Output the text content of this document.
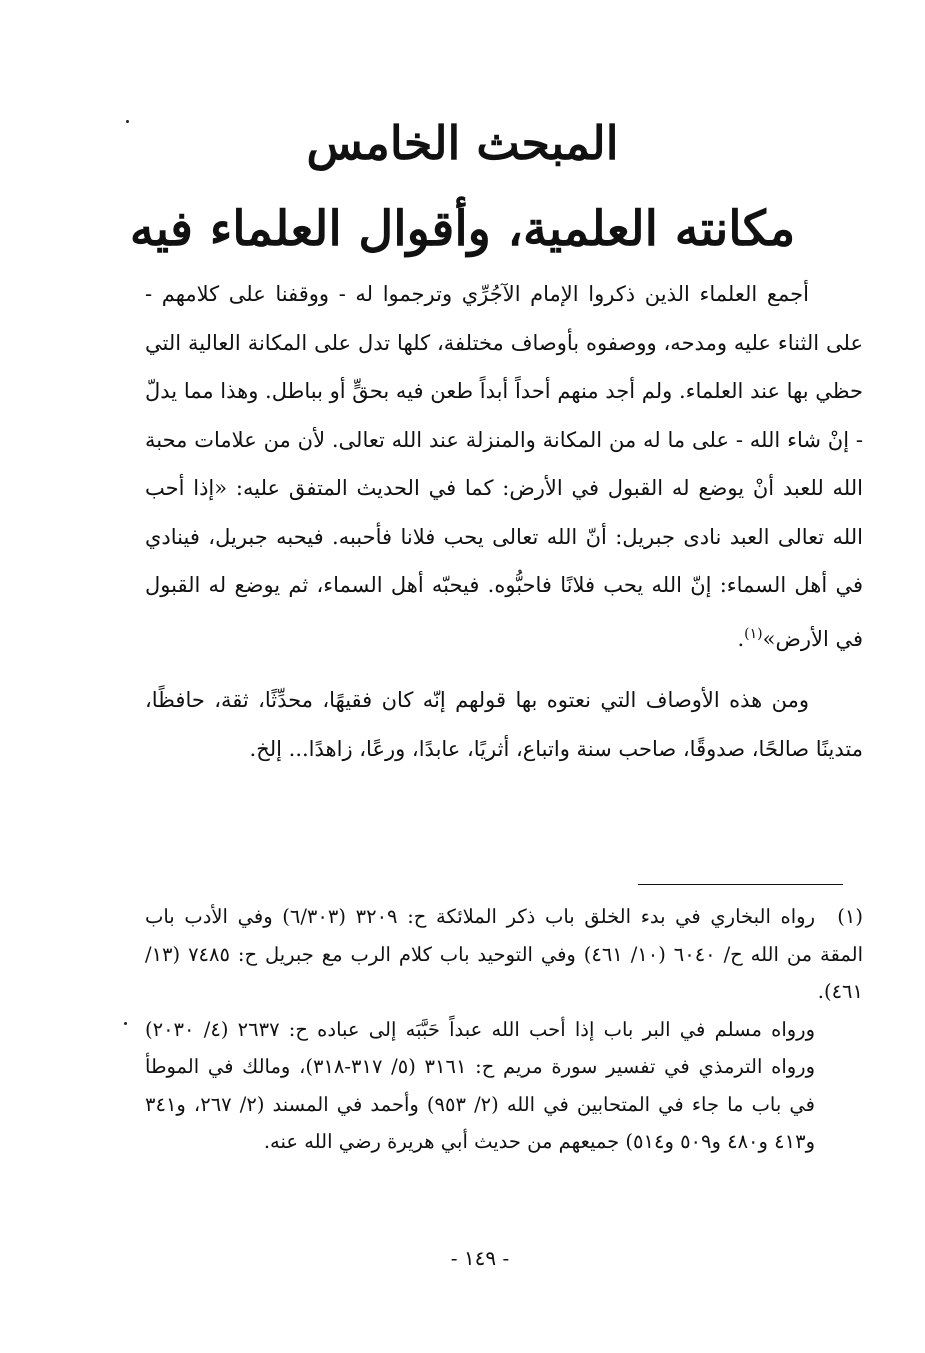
المبحث الخامس
مكانته العلمية، وأقوال العلماء فيه

أجمع العلماء الذين ذكروا الإمام الآجُرِّي وترجموا له - ووقفنا على كلامهم - على الثناء عليه ومدحه، ووصفوه بأوصاف مختلفة، كلها تدل على المكانة العالية التي حظي بها عند العلماء. ولم أجد منهم أحداً أبداً طعن فيه بحقٍّ أو بباطل. وهذا مما يدلّ - إنْ شاء الله - على ما له من المكانة والمنزلة عند الله تعالى. لأن من علامات محبة الله للعبد أنْ يوضع له القبول في الأرض: كما في الحديث المتفق عليه: «إذا أحب الله تعالى العبد نادى جبريل: أنّ الله تعالى يحب فلانا فأحببه. فيحبه جبريل، فينادي في أهل السماء: إنّ الله يحب فلانًا فاحبُّوه. فيحبّه أهل السماء، ثم يوضع له القبول في الأرض»$^{(١)}$.

ومن هذه الأوصاف التي نعتوه بها قولهم إنّه كان فقيهًا، محدِّثًا، ثقة، حافظًا، متدينًا صالحًا، صدوقًا، صاحب سنة واتباع، أثريًا، عابدًا، ورعًا، زاهدًا... إلخ.

(١)رواه البخاري في بدء الخلق باب ذكر الملائكة ح: ٣٢٠٩ (٦/٣٠٣) وفي الأدب باب المقة من الله ح/ ٦٠٤٠ (١٠/ ٤٦١) وفي التوحيد باب كلام الرب مع جبريل ح: ٧٤٨٥ (١٣/ ٤٦١).

ورواه مسلم في البر باب إذا أحب الله عبداً حَبَّبَه إلى عباده ح: ٢٦٣٧ (٤/ ٢٠٣٠) ورواه الترمذي في تفسير سورة مريم ح: ٣١٦١ (٥/ ٣١٧-٣١٨)، ومالك في الموطأ في باب ما جاء في المتحابين في الله (٢/ ٩٥٣) وأحمد في المسند (٢/ ٢٦٧، و٣٤١ و٤١٣ و٤٨٠ و٥٠٩ و٥١٤) جميعهم من حديث أبي هريرة رضي الله عنه.

- ١٤٩ -
